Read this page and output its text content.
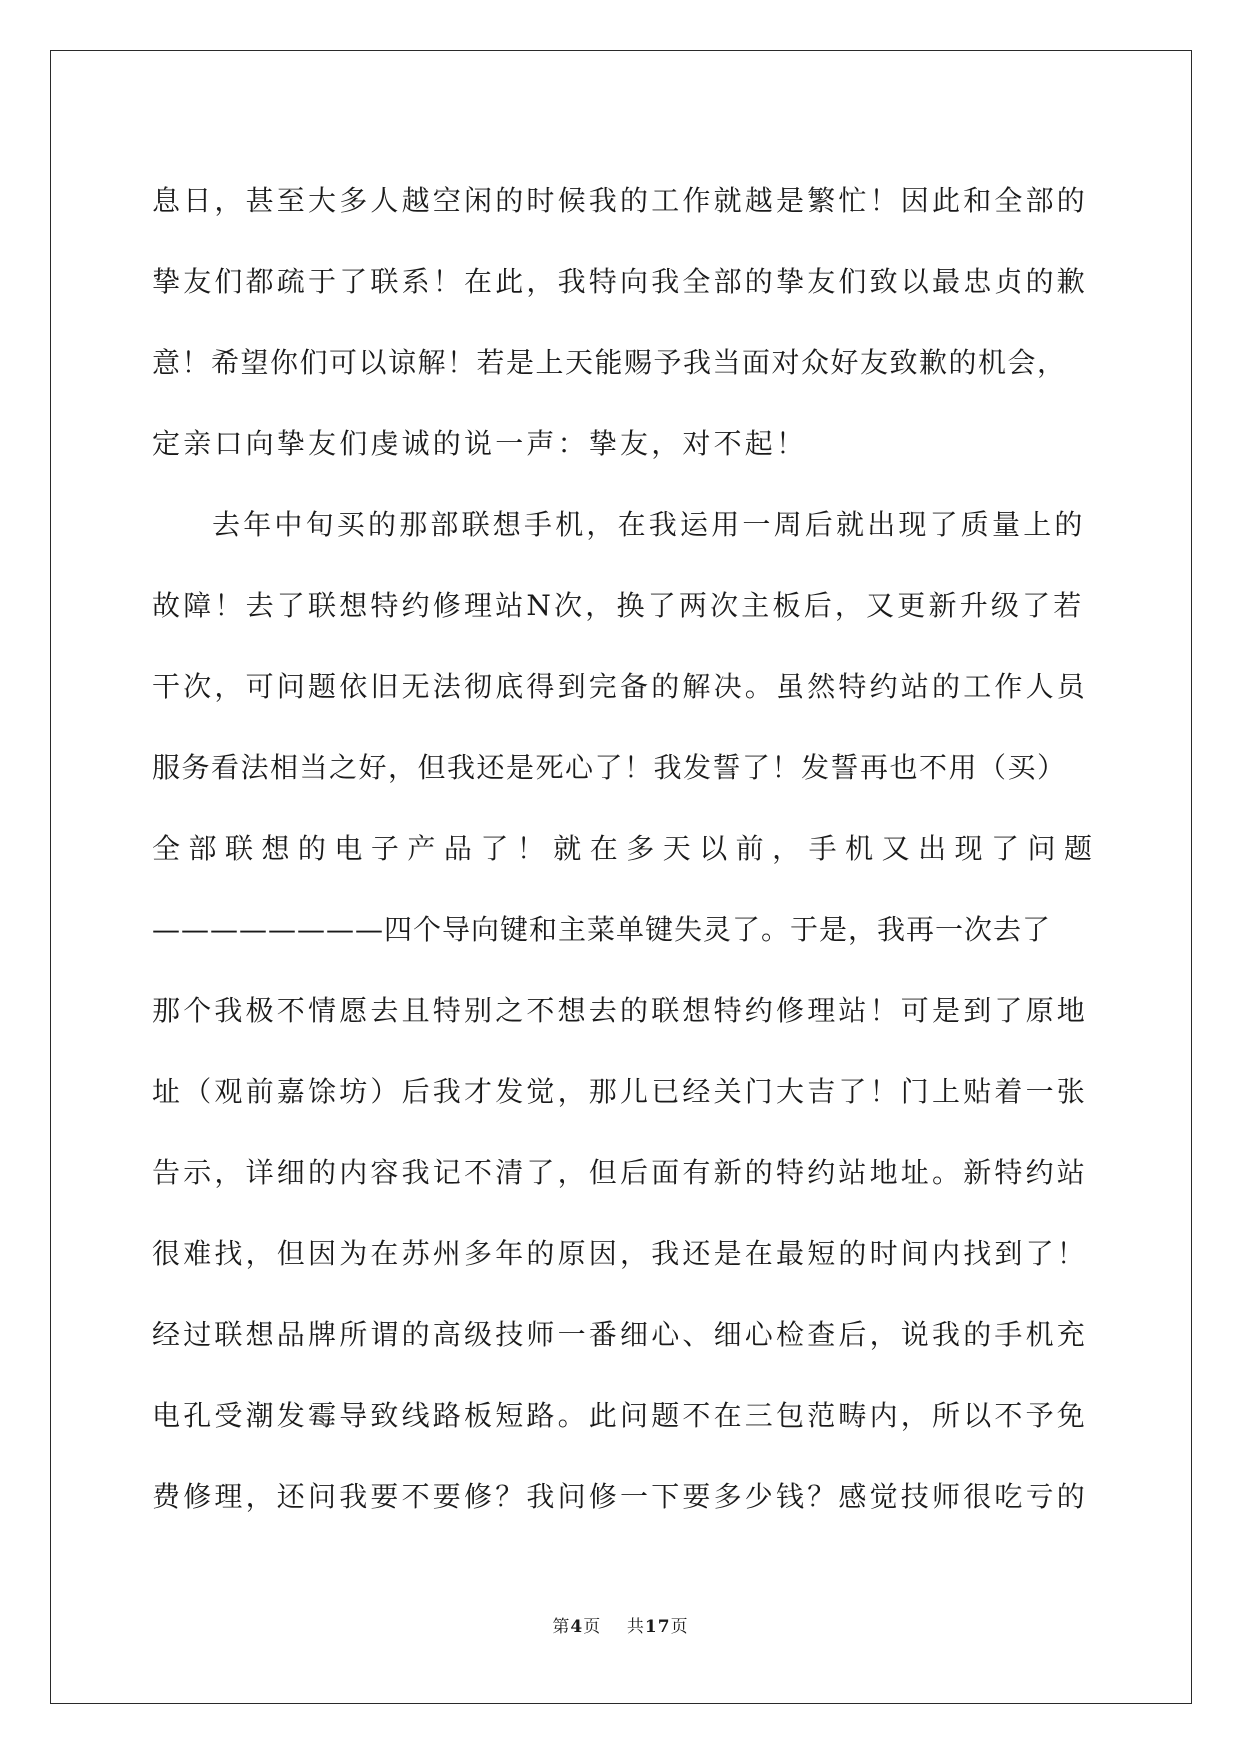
息日，甚至大多人越空闲的时候我的工作就越是繁忙！因此和全部的
挚友们都疏于了联系！在此，我特向我全部的挚友们致以最忠贞的歉
意！希望你们可以谅解！若是上天能赐予我当面对众好友致歉的机会，
定亲口向挚友们虔诚的说一声：挚友，对不起！
去年中旬买的那部联想手机，在我运用一周后就出现了质量上的
故障！去了联想特约修理站N次，换了两次主板后，又更新升级了若
干次，可问题依旧无法彻底得到完备的解决。虽然特约站的工作人员
服务看法相当之好，但我还是死心了！我发誓了！发誓再也不用（买）
全部联想的电子产品了！就在多天以前，手机又出现了问题
————————四个导向键和主菜单键失灵了。于是，我再一次去了
那个我极不情愿去且特别之不想去的联想特约修理站！可是到了原地
址（观前嘉馀坊）后我才发觉，那儿已经关门大吉了！门上贴着一张
告示，详细的内容我记不清了，但后面有新的特约站地址。新特约站
很难找，但因为在苏州多年的原因，我还是在最短的时间内找到了！
经过联想品牌所谓的高级技师一番细心、细心检查后，说我的手机充
电孔受潮发霉导致线路板短路。此问题不在三包范畴内，所以不予免
费修理，还问我要不要修？我问修一下要多少钱？感觉技师很吃亏的
第4页 共17页
